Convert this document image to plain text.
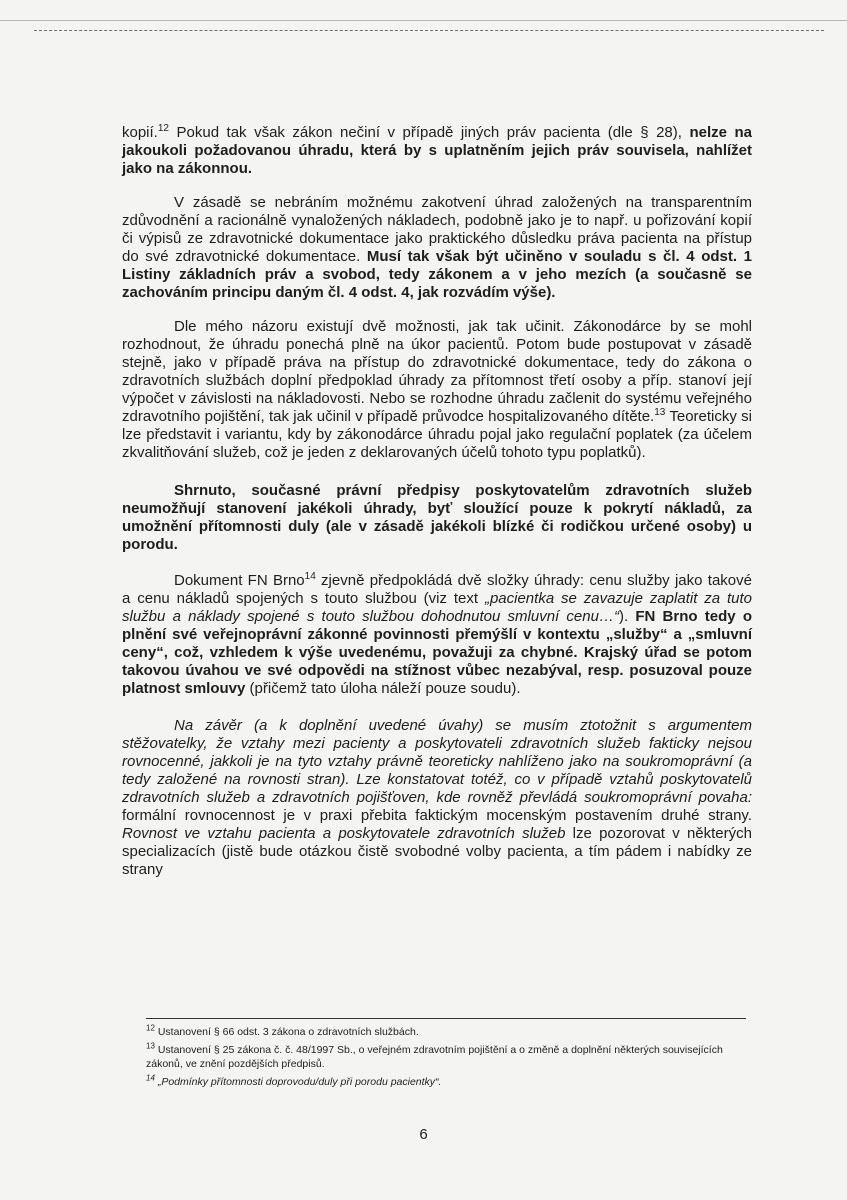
kopií.$^{12}$ Pokud tak však zákon nečiní v případě jiných práv pacienta (dle § 28), nelze na jakoukoli požadovanou úhradu, která by s uplatněním jejich práv souvisela, nahlížet jako na zákonnou.

V zásadě se nebráním možnému zakotvení úhrad založených na transparentním zdůvodnění a racionálně vynaložených nákladech, podobně jako je to např. u pořizování kopií či výpisů ze zdravotnické dokumentace jako praktického důsledku práva pacienta na přístup do své zdravotnické dokumentace. Musí tak však být učiněno v souladu s čl. 4 odst. 1 Listiny základních práv a svobod, tedy zákonem a v jeho mezích (a současně se zachováním principu daným čl. 4 odst. 4, jak rozvádím výše).

Dle mého názoru existují dvě možnosti, jak tak učinit. Zákonodárce by se mohl rozhodnout, že úhradu ponechá plně na úkor pacientů. Potom bude postupovat v zásadě stejně, jako v případě práva na přístup do zdravotnické dokumentace, tedy do zákona o zdravotních službách doplní předpoklad úhrady za přítomnost třetí osoby a příp. stanoví její výpočet v závislosti na nákladovosti. Nebo se rozhodne úhradu začlenit do systému veřejného zdravotního pojištění, tak jak učinil v případě průvodce hospitalizovaného dítěte.$^{13}$ Teoreticky si lze představit i variantu, kdy by zákonodárce úhradu pojal jako regulační poplatek (za účelem zkvalitňování služeb, což je jeden z deklarovaných účelů tohoto typu poplatků).

Shrnuto, současné právní předpisy poskytovatelům zdravotních služeb neumožňují stanovení jakékoli úhrady, byť sloužící pouze k pokrytí nákladů, za umožnění přítomnosti duly (ale v zásadě jakékoli blízké či rodičkou určené osoby) u porodu.

Dokument FN Brno$^{14}$ zjevně předpokládá dvě složky úhrady: cenu služby jako takové a cenu nákladů spojených s touto službou (viz text „pacientka se zavazuje zaplatit za tuto službu a náklady spojené s touto službou dohodnutou smluvní cenu…“). FN Brno tedy o plnění své veřejnoprávní zákonné povinnosti přemýšlí v kontextu „služby“ a „smluvní ceny“, což, vzhledem k výše uvedenému, považuji za chybné. Krajský úřad se potom takovou úvahou ve své odpovědi na stížnost vůbec nezabýval, resp. posuzoval pouze platnost smlouvy (přičemž tato úloha náleží pouze soudu).

Na závěr (a k doplnění uvedené úvahy) se musím ztotožnit s argumentem stěžovatelky, že vztahy mezi pacienty a poskytovateli zdravotních služeb fakticky nejsou rovnocenné, jakkoli je na tyto vztahy právně teoreticky nahlíženo jako na soukromoprávní (a tedy založené na rovnosti stran). Lze konstatovat totéž, co v případě vztahů poskytovatelů zdravotních služeb a zdravotních pojišťoven, kde rovněž převládá soukromoprávní povaha: formální rovnocennost je v praxi přebita faktickým mocenským postavením druhé strany. Rovnost ve vztahu pacienta a poskytovatele zdravotních služeb lze pozorovat v některých specializacích (jistě bude otázkou čistě svobodné volby pacienta, a tím pádem i nabídky ze strany

$^{12}$ Ustanovení § 66 odst. 3 zákona o zdravotních službách.
$^{13}$ Ustanovení § 25 zákona č. č. 48/1997 Sb., o veřejném zdravotním pojištění a o změně a doplnění některých souvisejících zákonů, ve znění pozdějších předpisů.
$^{14}$ „Podmínky přítomnosti doprovodu/duly při porodu pacientky“.
6
